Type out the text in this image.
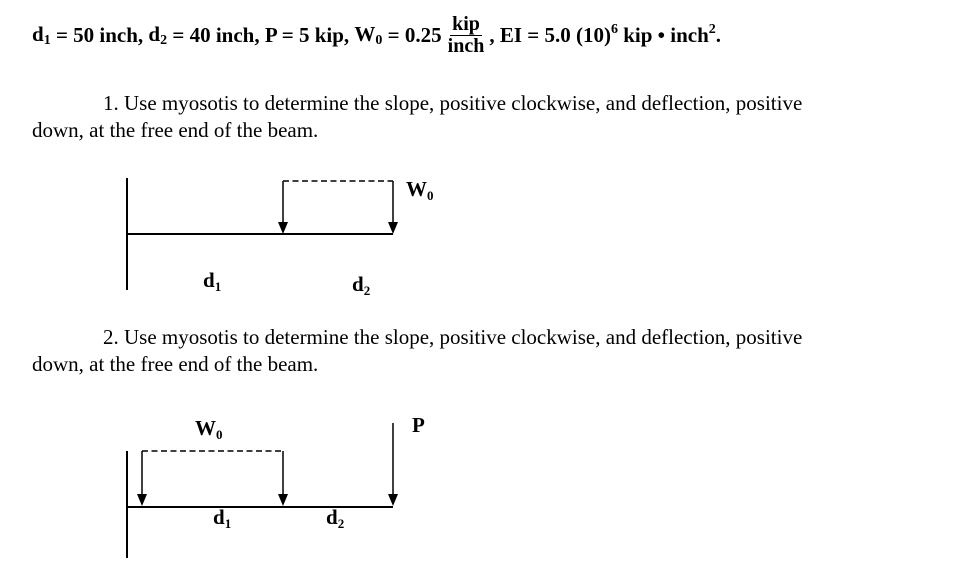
$d_1$
= 50 inch,
$d_2$
= 40 inch,
P = 5 kip,
$W_0$
= $0.25 \frac{\text{kip}}{\text{inch}}$ ,
EI = 5.0 $(10)^6$
kip • inch$^2$ .
1. Use myosotis to determine the slope, positive clockwise, and deflection, positive
down, at the free end of the beam.
2. Use myosotis to determine the slope, positive clockwise, and deflection, positive
down, at the free end of the beam.
$W_0$
$d_1$	$d_2$
$W_0$	P
$d_1$	$d_2$
